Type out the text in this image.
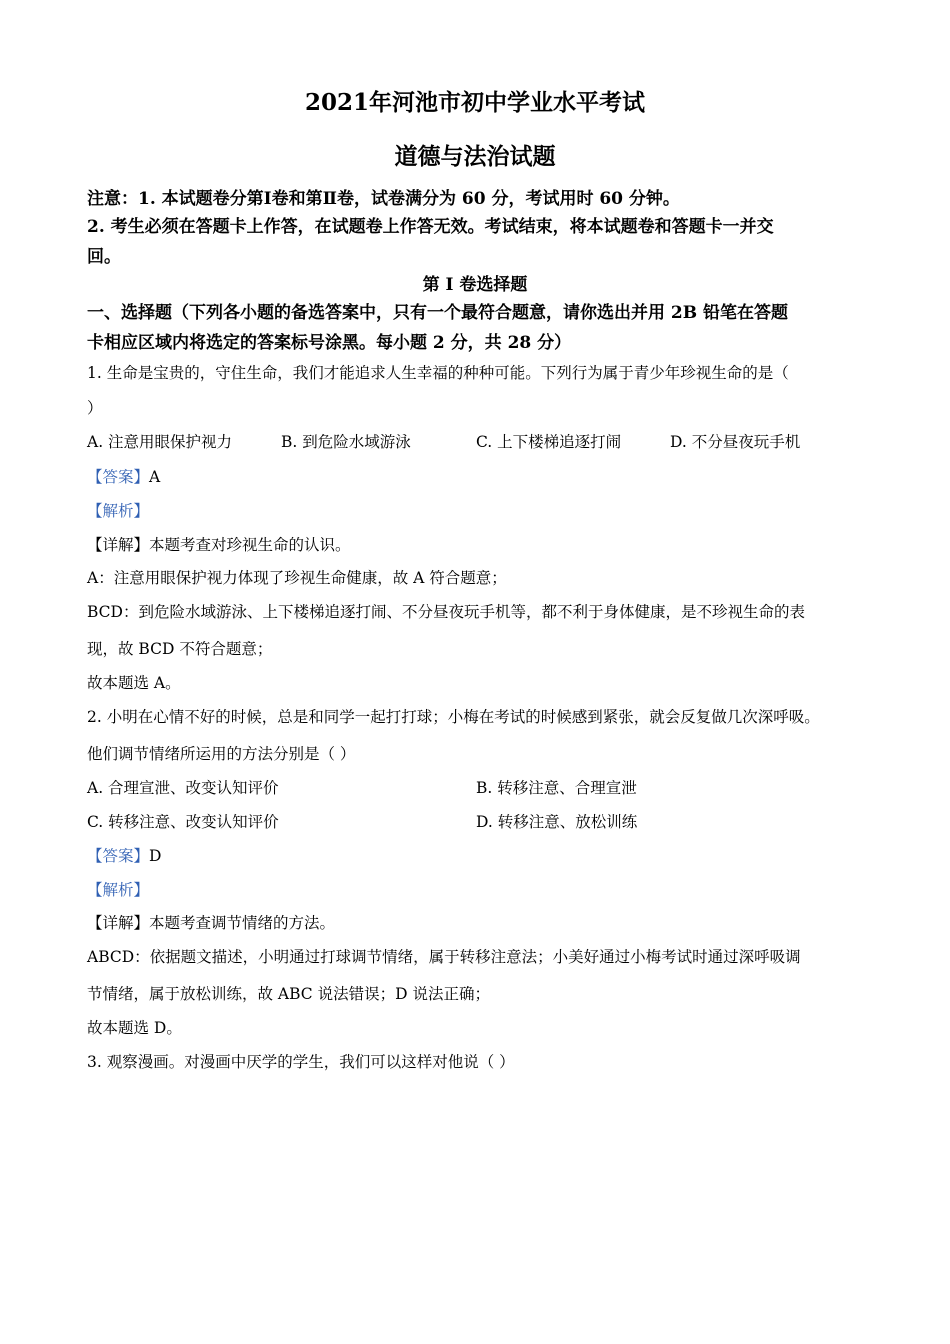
2021年河池市初中学业水平考试
道德与法治试题
注意：1. 本试题卷分第Ⅰ卷和第Ⅱ卷，试卷满分为 60 分，考试用时 60 分钟。
2. 考生必须在答题卡上作答，在试题卷上作答无效。考试结束，将本试题卷和答题卡一并交
回。
第 I 卷选择题
一、选择题（下列各小题的备选答案中，只有一个最符合题意，请你选出并用 2B 铅笔在答题
卡相应区域内将选定的答案标号涂黑。每小题 2 分，共 28 分）
1. 生命是宝贵的，守住生命，我们才能追求人生幸福的种种可能。下列行为属于青少年珍视生命的是（
）
A. 注意用眼保护视力	B. 到危险水域游泳	C. 上下楼梯追逐打闹	D. 不分昼夜玩手机
【答案】A
【解析】
【详解】本题考查对珍视生命的认识。
A：注意用眼保护视力体现了珍视生命健康，故 A 符合题意；
BCD：到危险水域游泳、上下楼梯追逐打闹、不分昼夜玩手机等，都不利于身体健康，是不珍视生命的表
现，故 BCD 不符合题意；
故本题选 A。
2. 小明在心情不好的时候，总是和同学一起打打球；小梅在考试的时候感到紧张，就会反复做几次深呼吸。
他们调节情绪所运用的方法分别是（ ）
A. 合理宣泄、改变认知评价	B. 转移注意、合理宣泄
C. 转移注意、改变认知评价	D. 转移注意、放松训练
【答案】D
【解析】
【详解】本题考查调节情绪的方法。
ABCD：依据题文描述，小明通过打球调节情绪，属于转移注意法；小美好通过小梅考试时通过深呼吸调
节情绪，属于放松训练，故 ABC 说法错误；D 说法正确；
故本题选 D。
3. 观察漫画。对漫画中厌学的学生，我们可以这样对他说（ ）
